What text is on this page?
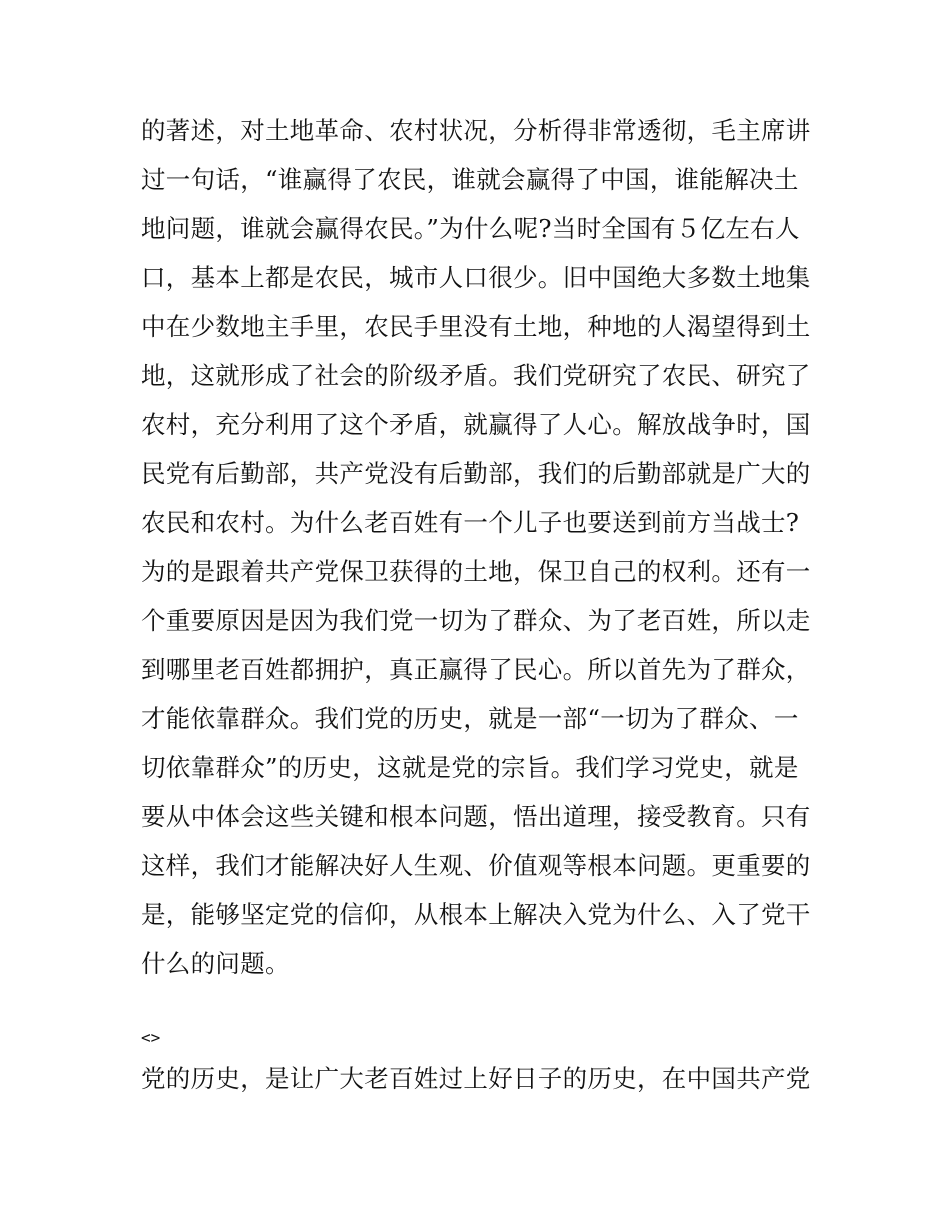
的著述，对土地革命、农村状况，分析得非常透彻，毛主席讲
过一句话，“谁赢得了农民，谁就会赢得了中国，谁能解决土
地问题，谁就会赢得农民。”为什么呢?当时全国有５亿左右人
口，基本上都是农民，城市人口很少。旧中国绝大多数土地集
中在少数地主手里，农民手里没有土地，种地的人渴望得到土
地，这就形成了社会的阶级矛盾。我们党研究了农民、研究了
农村，充分利用了这个矛盾，就赢得了人心。解放战争时，国
民党有后勤部，共产党没有后勤部，我们的后勤部就是广大的
农民和农村。为什么老百姓有一个儿子也要送到前方当战士?
为的是跟着共产党保卫获得的土地，保卫自己的权利。还有一
个重要原因是因为我们党一切为了群众、为了老百姓，所以走
到哪里老百姓都拥护，真正赢得了民心。所以首先为了群众，
才能依靠群众。我们党的历史，就是一部“一切为了群众、一
切依靠群众”的历史，这就是党的宗旨。我们学习党史，就是
要从中体会这些关键和根本问题，悟出道理，接受教育。只有
这样，我们才能解决好人生观、价值观等根本问题。更重要的
是，能够坚定党的信仰，从根本上解决入党为什么、入了党干
什么的问题。
<>
党的历史，是让广大老百姓过上好日子的历史，在中国共产党
